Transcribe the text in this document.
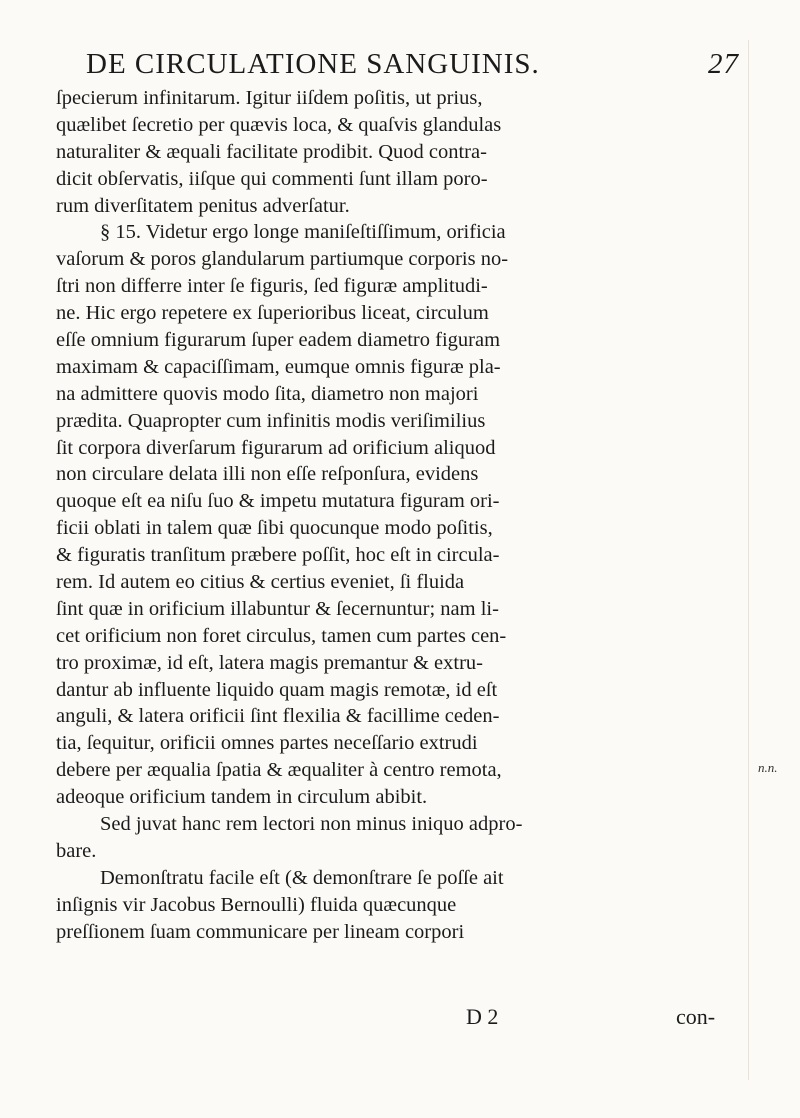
DE CIRCULATIONE SANGUINIS.	27
ſpecierum infinitarum. Igitur iiſdem poſitis, ut prius,
quælibet ſecretio per quævis loca, & quaſvis glandulas
naturaliter & æquali facilitate prodibit. Quod contra-
dicit obſervatis, iiſque qui commenti ſunt illam poro-
rum diverſitatem penitus adverſatur.
§ 15. Videtur ergo longe maniſeſtiſſimum, orificia
vaſorum & poros glandularum partiumque corporis no-
ſtri non differre inter ſe figuris, ſed figuræ amplitudi-
ne. Hic ergo repetere ex ſuperioribus liceat, circulum
eſſe omnium figurarum ſuper eadem diametro figuram
maximam & capaciſſimam, eumque omnis figuræ pla-
na admittere quovis modo ſita, diametro non majori
prædita. Quapropter cum infinitis modis veriſimilius
ſit corpora diverſarum figurarum ad orificium aliquod
non circulare delata illi non eſſe reſponſura, evidens
quoque eſt ea niſu ſuo & impetu mutatura figuram ori-
ficii oblati in talem quæ ſibi quocunque modo poſitis,
& figuratis tranſitum præbere poſſit, hoc eſt in circula-
rem. Id autem eo citius & certius eveniet, ſi fluida
ſint quæ in orificium illabuntur & ſecernuntur; nam li-
cet orificium non foret circulus, tamen cum partes cen-
tro proximæ, id eſt, latera magis premantur & extru-
dantur ab influente liquido quam magis remotæ, id eſt
anguli, & latera orificii ſint flexilia & facillime ceden-
tia, ſequitur, orificii omnes partes neceſſario extrudi
debere per æqualia ſpatia & æqualiter à centro remota,
adeoque orificium tandem in circulum abibit.
Sed juvat hanc rem lectori non minus iniquo adpro-
bare.
Demonſtratu facile eſt (& demonſtrare ſe poſſe ait
inſignis vir Jacobus Bernoulli) fluida quæcunque
preſſionem ſuam communicare per lineam corpori
D 2	con-
n.n.
